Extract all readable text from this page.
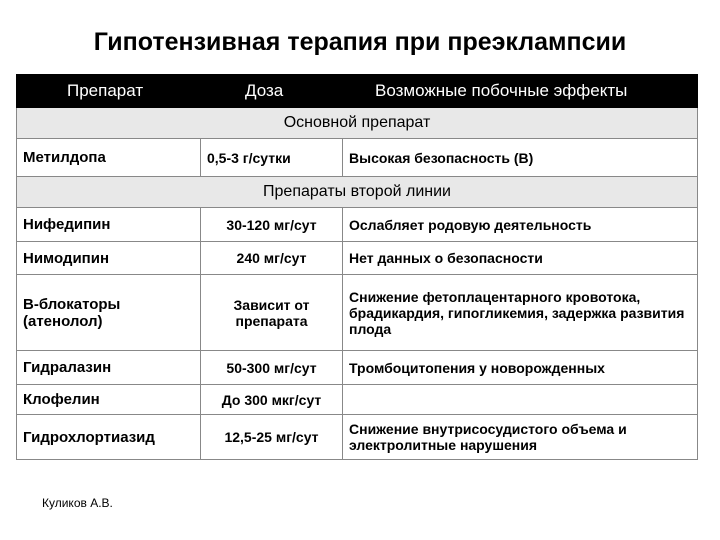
Гипотензивная терапия при преэклампсии
Препарат	Доза	Возможные побочные эффекты
Основной препарат		
Метилдопа	0,5-3 г/сутки	Высокая безопасность (В)
Препараты второй линии		
Нифедипин	30-120 мг/сут	Ослабляет родовую деятельность
Нимодипин	240 мг/сут	Нет данных о безопасности
В-блокаторы (атенолол)	Зависит от препарата	Снижение фетоплацентарного кровотока, брадикардия, гипогликемия, задержка развития плода
Гидралазин	50-300 мг/сут	Тромбоцитопения у новорожденных
Клофелин	До 300 мкг/сут	
Гидрохлортиазид	12,5-25 мг/сут	Снижение внутрисосудистого объема и электролитные нарушения
Куликов А.В.
